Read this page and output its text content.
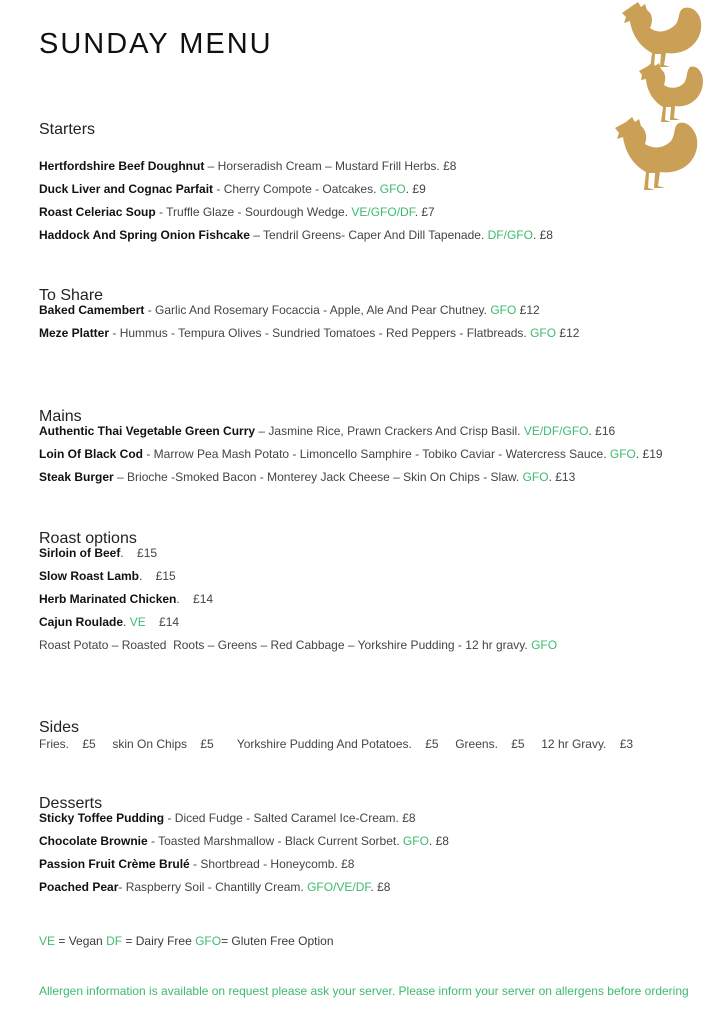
SUNDAY MENU
Starters
Hertfordshire Beef Doughnut – Horseradish Cream – Mustard Frill Herbs. £8
Duck Liver and Cognac Parfait - Cherry Compote - Oatcakes. GFO. £9
Roast Celeriac Soup - Truffle Glaze - Sourdough Wedge. VE/GFO/DF. £7
Haddock And Spring Onion Fishcake – Tendril Greens- Caper And Dill Tapenade. DF/GFO. £8
To Share
Baked Camembert - Garlic And Rosemary Focaccia - Apple, Ale And Pear Chutney. GFO £12
Meze Platter - Hummus - Tempura Olives - Sundried Tomatoes - Red Peppers - Flatbreads. GFO £12
Mains
Authentic Thai Vegetable Green Curry – Jasmine Rice, Prawn Crackers And Crisp Basil. VE/DF/GFO. £16
Loin Of Black Cod - Marrow Pea Mash Potato - Limoncello Samphire - Tobiko Caviar - Watercress Sauce. GFO. £19
Steak Burger – Brioche -Smoked Bacon - Monterey Jack Cheese – Skin On Chips - Slaw. GFO. £13
Roast options
Sirloin of Beef.    £15
Slow Roast Lamb.    £15
Herb Marinated Chicken.    £14
Cajun Roulade. VE    £14
Roast Potato – Roasted  Roots – Greens – Red Cabbage – Yorkshire Pudding - 12 hr gravy. GFO
Sides
Fries.    £5     skin On Chips    £5       Yorkshire Pudding And Potatoes.    £5     Greens.    £5     12 hr Gravy.    £3
Desserts
Sticky Toffee Pudding - Diced Fudge - Salted Caramel Ice-Cream. £8
Chocolate Brownie - Toasted Marshmallow - Black Current Sorbet. GFO. £8
Passion Fruit Crème Brulé - Shortbread - Honeycomb. £8
Poached Pear- Raspberry Soil - Chantilly Cream. GFO/VE/DF. £8
VE = Vegan DF = Dairy Free GFO= Gluten Free Option
Allergen information is available on request please ask your server. Please inform your server on allergens before ordering
